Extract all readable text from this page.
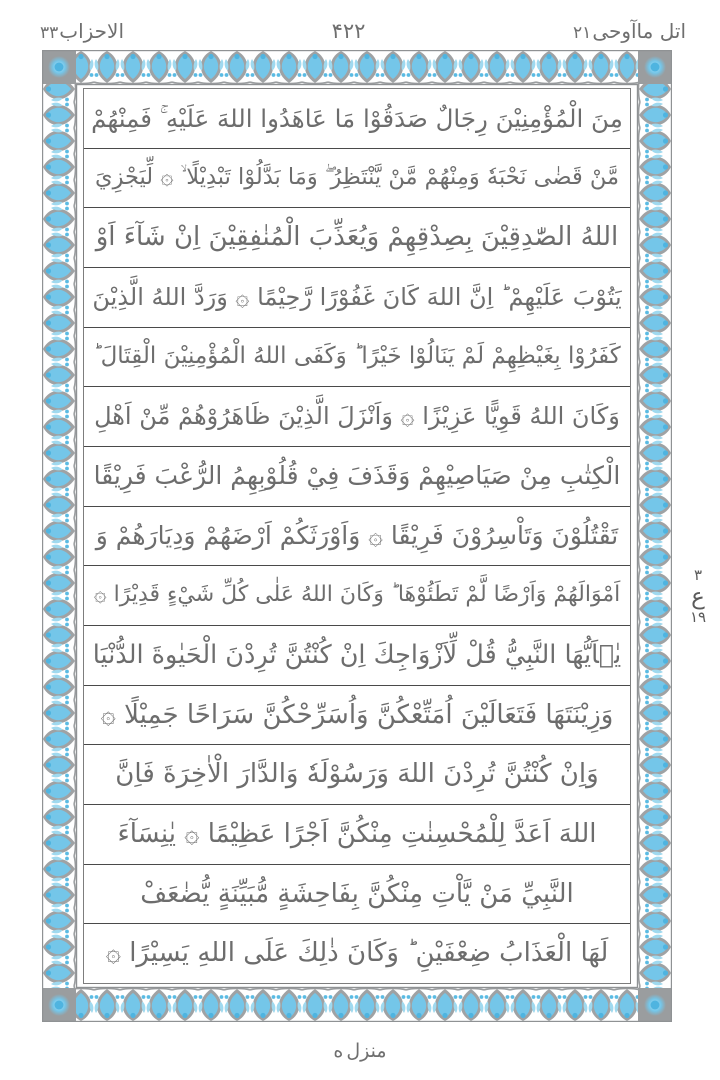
اتل ماآوحى
۲۱
۴۲۲
الاحزاب
۳۳
مِنَ الْمُؤْمِنِيْنَ رِجَالٌ صَدَقُوْا مَا عَاهَدُوا اللهَ عَلَيْهِ ۚ فَمِنْهُمْ
مَّنْ قَضٰى نَحْبَهٗ وَمِنْهُمْ مَّنْ يَّنْتَظِرُ ۖ وَمَا بَدَّلُوْا تَبْدِيْلًا ۙ ۞ لِّيَجْزِيَ
اللهُ الصّٰدِقِيْنَ بِصِدْقِهِمْ وَيُعَذِّبَ الْمُنٰفِقِيْنَ اِنْ شَآءَ اَوْ
يَتُوْبَ عَلَيْهِمْ ؕ اِنَّ اللهَ كَانَ غَفُوْرًا رَّحِيْمًا ۞ وَرَدَّ اللهُ الَّذِيْنَ
كَفَرُوْا بِغَيْظِهِمْ لَمْ يَنَالُوْا خَيْرًا ؕ وَكَفَى اللهُ الْمُؤْمِنِيْنَ الْقِتَالَ ؕ
وَكَانَ اللهُ قَوِيًّا عَزِيْزًا ۞ وَاَنْزَلَ الَّذِيْنَ ظَاهَرُوْهُمْ مِّنْ اَهْلِ
الْكِتٰبِ مِنْ صَيَاصِيْهِمْ وَقَذَفَ فِيْ قُلُوْبِهِمُ الرُّعْبَ فَرِيْقًا
تَقْتُلُوْنَ وَتَاْسِرُوْنَ فَرِيْقًا ۞ وَاَوْرَثَكُمْ اَرْضَهُمْ وَدِيَارَهُمْ وَ
اَمْوَالَهُمْ وَاَرْضًا لَّمْ تَطَئُوْهَا ؕ وَكَانَ اللهُ عَلٰى كُلِّ شَيْءٍ قَدِيْرًا ۞
يٰۤاَيُّهَا النَّبِيُّ قُلْ لِّاَزْوَاجِكَ اِنْ كُنْتُنَّ تُرِدْنَ الْحَيٰوةَ الدُّنْيَا
وَزِيْنَتَهَا فَتَعَالَيْنَ اُمَتِّعْكُنَّ وَاُسَرِّحْكُنَّ سَرَاحًا جَمِيْلًا ۞
وَاِنْ كُنْتُنَّ تُرِدْنَ اللهَ وَرَسُوْلَهٗ وَالدَّارَ الْاٰخِرَةَ فَاِنَّ
اللهَ اَعَدَّ لِلْمُحْسِنٰتِ مِنْكُنَّ اَجْرًا عَظِيْمًا ۞ يٰنِسَآءَ
النَّبِيِّ مَنْ يَّاْتِ مِنْكُنَّ بِفَاحِشَةٍ مُّبَيِّنَةٍ يُّضٰعَفْ
لَهَا الْعَذَابُ ضِعْفَيْنِ ؕ وَكَانَ ذٰلِكَ عَلَى اللهِ يَسِيْرًا ۞
۳
ع
۱۹
منزل
ه
